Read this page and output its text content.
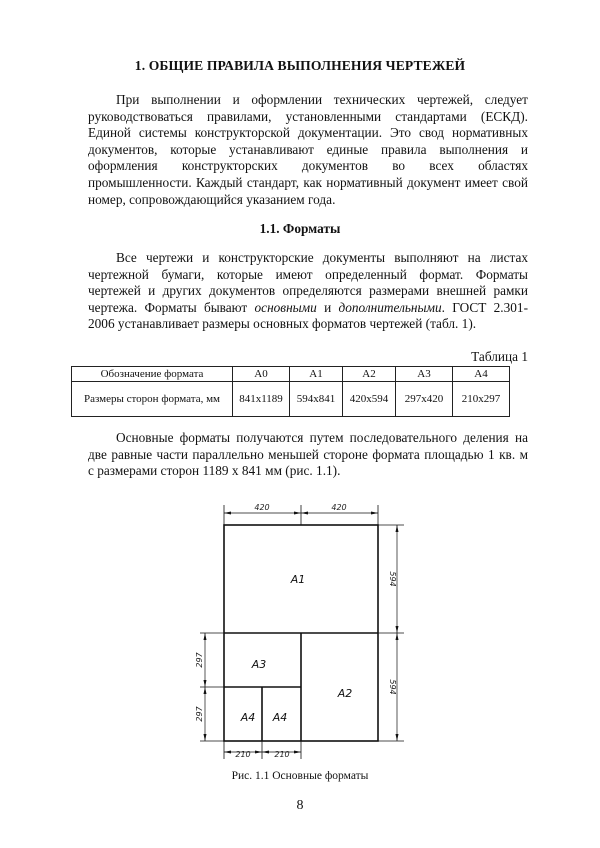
1. ОБЩИЕ ПРАВИЛА ВЫПОЛНЕНИЯ ЧЕРТЕЖЕЙ
При выполнении и оформлении технических чертежей, следует
руководствоваться правилами, установленными стандартами (ЕСКД).
Единой системы конструкторской документации. Это свод нормативных
документов, которые устанавливают единые правила выполнения и
оформления конструкторских документов во всех областях
промышленности. Каждый стандарт, как нормативный документ имеет свой
номер, сопровождающийся указанием года.
1.1. Форматы
Все чертежи и конструкторские документы выполняют на листах
чертежной бумаги, которые имеют определенный формат. Форматы
чертежей и других документов определяются размерами внешней рамки
чертежа. Форматы бывают основными и дополнительными. ГОСТ 2.301-
2006 устанавливает размеры основных форматов чертежей (табл. 1).
Таблица 1
Обозначение формата	А0	А1	А2	А3	А4
Размеры сторон формата, мм	841х1189	594х841	420х594	297х420	210х297
Основные форматы получаются путем последовательного деления на
две равные части параллельно меньшей стороне формата площадью 1 кв. м
с размерами сторон 1189 х 841 мм (рис. 1.1).
А1
А2
А3
А4 А4
420	420
210	210
594
594
297
297
Рис. 1.1 Основные форматы
8
